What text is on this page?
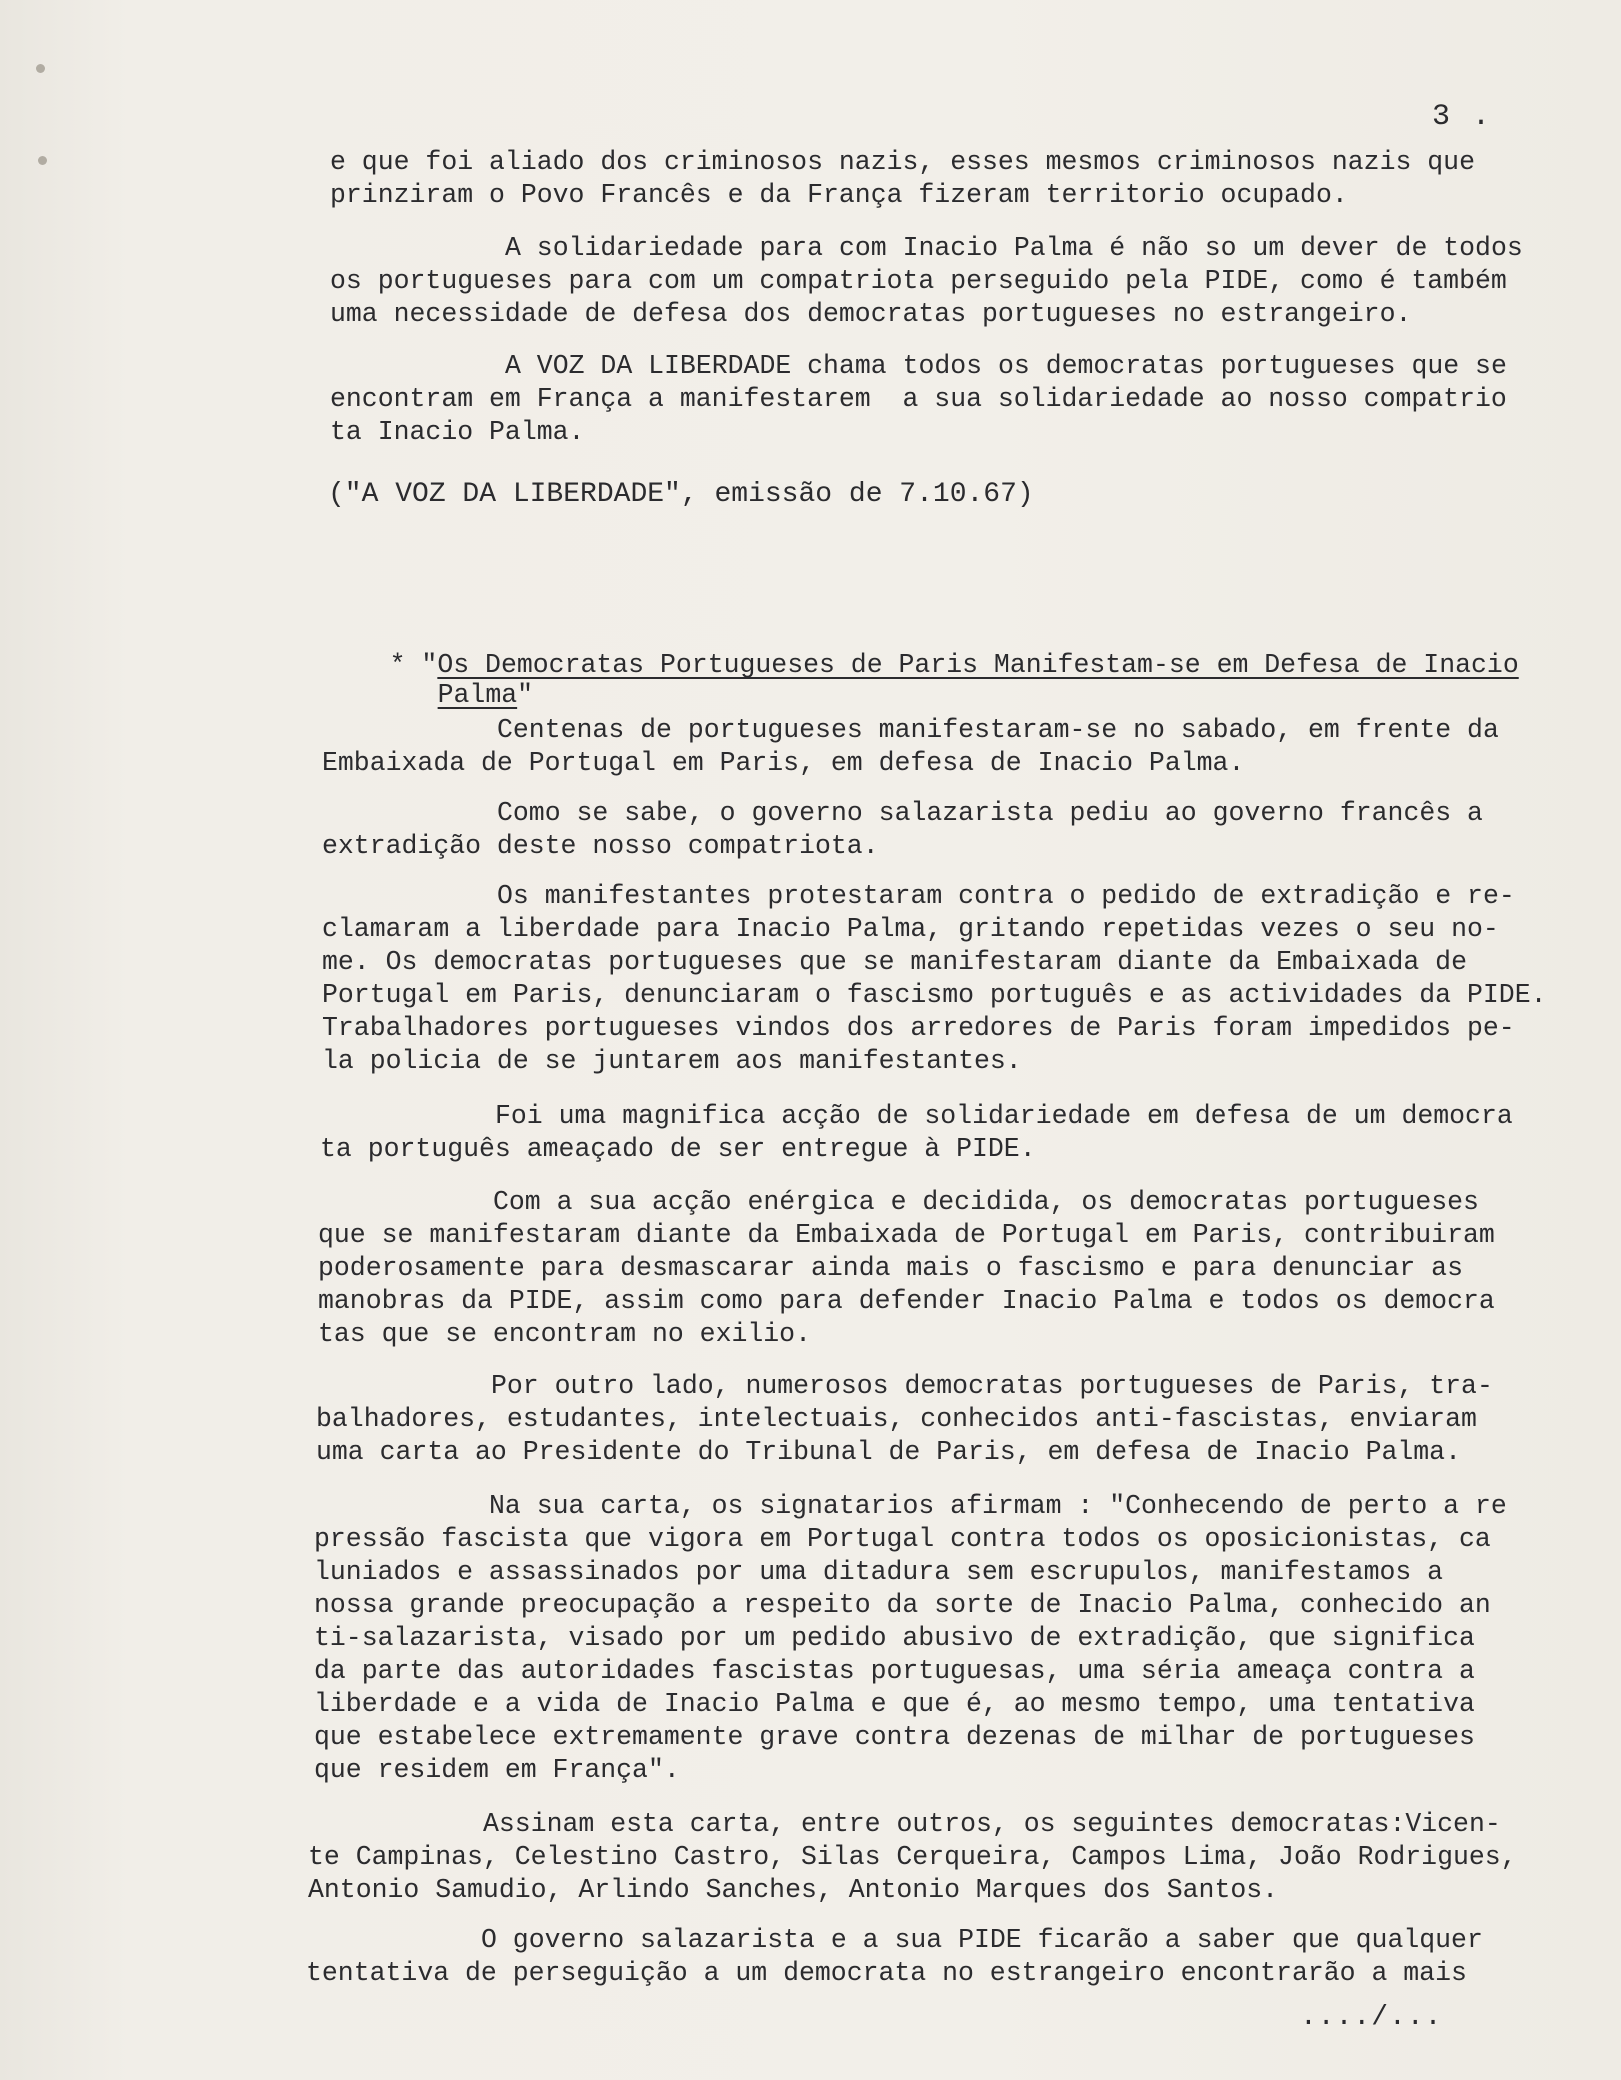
3 .
e que foi aliado dos criminosos nazis, esses mesmos criminosos nazis que
prinziram o Povo Francês e da França fizeram territorio ocupado.
A solidariedade para com Inacio Palma é não so um dever de todos
os portugueses para com um compatriota perseguido pela PIDE, como é também
uma necessidade de defesa dos democratas portugueses no estrangeiro.
A VOZ DA LIBERDADE chama todos os democratas portugueses que se
encontram em França a manifestarem  a sua solidariedade ao nosso compatrio
ta Inacio Palma.
("A VOZ DA LIBERDADE", emissão de 7.10.67)

* "Os Democratas Portugueses de Paris Manifestam-se em Defesa de Inacio

Palma"

Centenas de portugueses manifestaram-se no sabado, em frente da
Embaixada de Portugal em Paris, em defesa de Inacio Palma.
Como se sabe, o governo salazarista pediu ao governo francês a
extradição deste nosso compatriota.
Os manifestantes protestaram contra o pedido de extradição e re-
clamaram a liberdade para Inacio Palma, gritando repetidas vezes o seu no-
me. Os democratas portugueses que se manifestaram diante da Embaixada de
Portugal em Paris, denunciaram o fascismo português e as actividades da PIDE.
Trabalhadores portugueses vindos dos arredores de Paris foram impedidos pe-
la policia de se juntarem aos manifestantes.
Foi uma magnifica acção de solidariedade em defesa de um democra
ta português ameaçado de ser entregue à PIDE.
Com a sua acção enérgica e decidida, os democratas portugueses
que se manifestaram diante da Embaixada de Portugal em Paris, contribuiram
poderosamente para desmascarar ainda mais o fascismo e para denunciar as
manobras da PIDE, assim como para defender Inacio Palma e todos os democra
tas que se encontram no exilio.
Por outro lado, numerosos democratas portugueses de Paris, tra-
balhadores, estudantes, intelectuais, conhecidos anti-fascistas, enviaram
uma carta ao Presidente do Tribunal de Paris, em defesa de Inacio Palma.
Na sua carta, os signatarios afirmam : "Conhecendo de perto a re
pressão fascista que vigora em Portugal contra todos os oposicionistas, ca
luniados e assassinados por uma ditadura sem escrupulos, manifestamos a
nossa grande preocupação a respeito da sorte de Inacio Palma, conhecido an
ti-salazarista, visado por um pedido abusivo de extradição, que significa
da parte das autoridades fascistas portuguesas, uma séria ameaça contra a
liberdade e a vida de Inacio Palma e que é, ao mesmo tempo, uma tentativa
que estabelece extremamente grave contra dezenas de milhar de portugueses
que residem em França".
Assinam esta carta, entre outros, os seguintes democratas:Vicen-
te Campinas, Celestino Castro, Silas Cerqueira, Campos Lima, João Rodrigues,
Antonio Samudio, Arlindo Sanches, Antonio Marques dos Santos.
O governo salazarista e a sua PIDE ficarão a saber que qualquer
tentativa de perseguição a um democrata no estrangeiro encontrarão a mais
..../...
